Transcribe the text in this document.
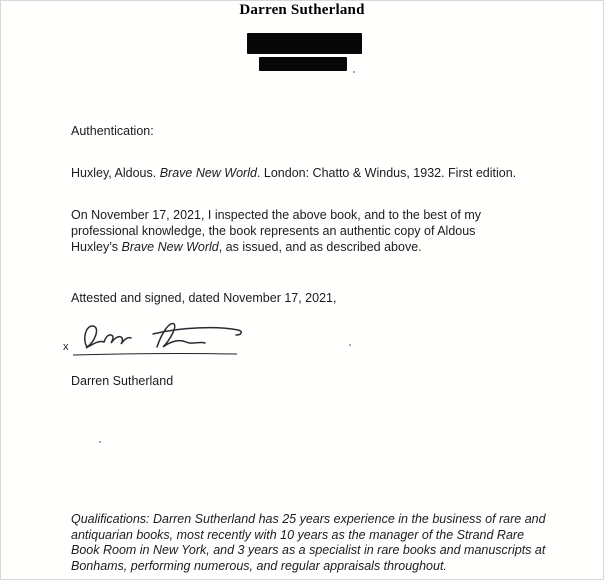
Darren Sutherland

Authentication:

Huxley, Aldous. Brave New World. London: Chatto & Windus, 1932. First edition.

On November 17, 2021, I inspected the above book, and to the best of my professional knowledge, the book represents an authentic copy of Aldous Huxley’s Brave New World, as issued, and as described above.

Attested and signed, dated November 17, 2021,

x

Darren Sutherland

Qualifications: Darren Sutherland has 25 years experience in the business of rare and antiquarian books, most recently with 10 years as the manager of the Strand Rare Book Room in New York, and 3 years as a specialist in rare books and manuscripts at Bonhams, performing numerous, and regular appraisals throughout.
